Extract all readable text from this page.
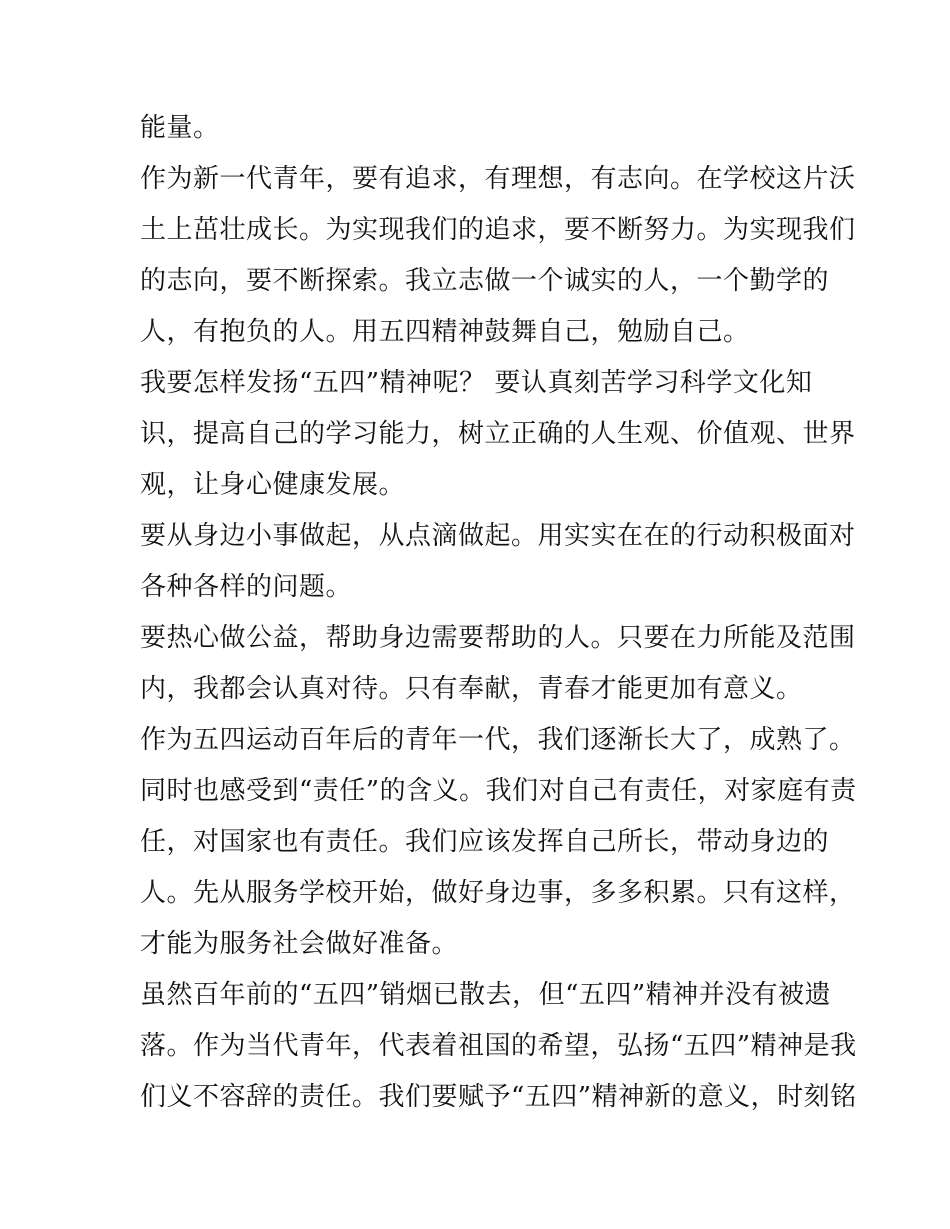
能量。
作为新一代青年，要有追求，有理想，有志向。在学校这片沃
土上茁壮成长。为实现我们的追求，要不断努力。为实现我们
的志向，要不断探索。我立志做一个诚实的人，一个勤学的
人，有抱负的人。用五四精神鼓舞自己，勉励自己。
我要怎样发扬“五四”精神呢？ 要认真刻苦学习科学文化知
识，提高自己的学习能力，树立正确的人生观、价值观、世界
观，让身心健康发展。
要从身边小事做起，从点滴做起。用实实在在的行动积极面对
各种各样的问题。
要热心做公益，帮助身边需要帮助的人。只要在力所能及范围
内，我都会认真对待。只有奉献，青春才能更加有意义。
作为五四运动百年后的青年一代，我们逐渐长大了，成熟了。
同时也感受到“责任”的含义。我们对自己有责任，对家庭有责
任，对国家也有责任。我们应该发挥自己所长，带动身边的
人。先从服务学校开始，做好身边事，多多积累。只有这样，
才能为服务社会做好准备。
虽然百年前的“五四”销烟已散去，但“五四”精神并没有被遗
落。作为当代青年，代表着祖国的希望，弘扬“五四”精神是我
们义不容辞的责任。我们要赋予“五四”精神新的意义，时刻铭
